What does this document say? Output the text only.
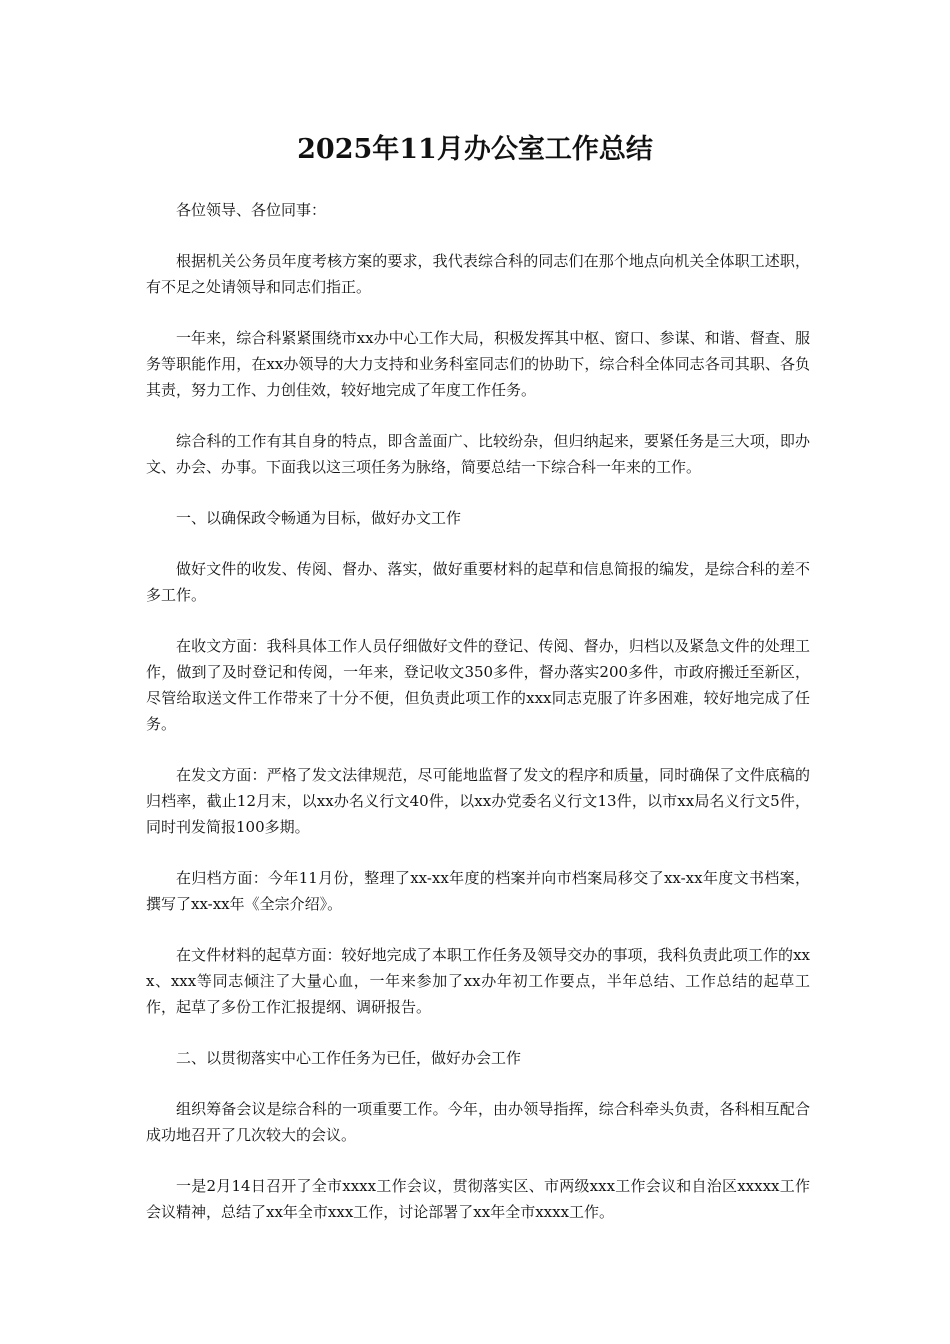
2025年11月办公室工作总结

各位领导、各位同事：

根据机关公务员年度考核方案的要求，我代表综合科的同志们在那个地点向机关全体职工述职，有不足之处请领导和同志们指正。

一年来，综合科紧紧围绕市xx办中心工作大局，积极发挥其中枢、窗口、参谋、和谐、督查、服务等职能作用，在xx办领导的大力支持和业务科室同志们的协助下，综合科全体同志各司其职、各负其责，努力工作、力创佳效，较好地完成了年度工作任务。

综合科的工作有其自身的特点，即含盖面广、比较纷杂，但归纳起来，要紧任务是三大项，即办文、办会、办事。下面我以这三项任务为脉络，简要总结一下综合科一年来的工作。

一、以确保政令畅通为目标，做好办文工作

做好文件的收发、传阅、督办、落实，做好重要材料的起草和信息简报的编发，是综合科的差不多工作。

在收文方面：我科具体工作人员仔细做好文件的登记、传阅、督办，归档以及紧急文件的处理工作，做到了及时登记和传阅，一年来，登记收文350多件，督办落实200多件，市政府搬迁至新区，尽管给取送文件工作带来了十分不便，但负责此项工作的xxx同志克服了许多困难，较好地完成了任务。

在发文方面：严格了发文法律规范，尽可能地监督了发文的程序和质量，同时确保了文件底稿的归档率，截止12月末，以xx办名义行文40件，以xx办党委名义行文13件，以市xx局名义行文5件，同时刊发简报100多期。

在归档方面：今年11月份，整理了xx-xx年度的档案并向市档案局移交了xx-xx年度文书档案，撰写了xx-xx年《全宗介绍》。

在文件材料的起草方面：较好地完成了本职工作任务及领导交办的事项，我科负责此项工作的xxx、xxx等同志倾注了大量心血，一年来参加了xx办年初工作要点，半年总结、工作总结的起草工作，起草了多份工作汇报提纲、调研报告。

二、以贯彻落实中心工作任务为已任，做好办会工作

组织筹备会议是综合科的一项重要工作。今年，由办领导指挥，综合科牵头负责，各科相互配合成功地召开了几次较大的会议。

一是2月14日召开了全市xxxx工作会议，贯彻落实区、市两级xxx工作会议和自治区xxxxx工作会议精神，总结了xx年全市xxx工作，讨论部署了xx年全市xxxx工作。
